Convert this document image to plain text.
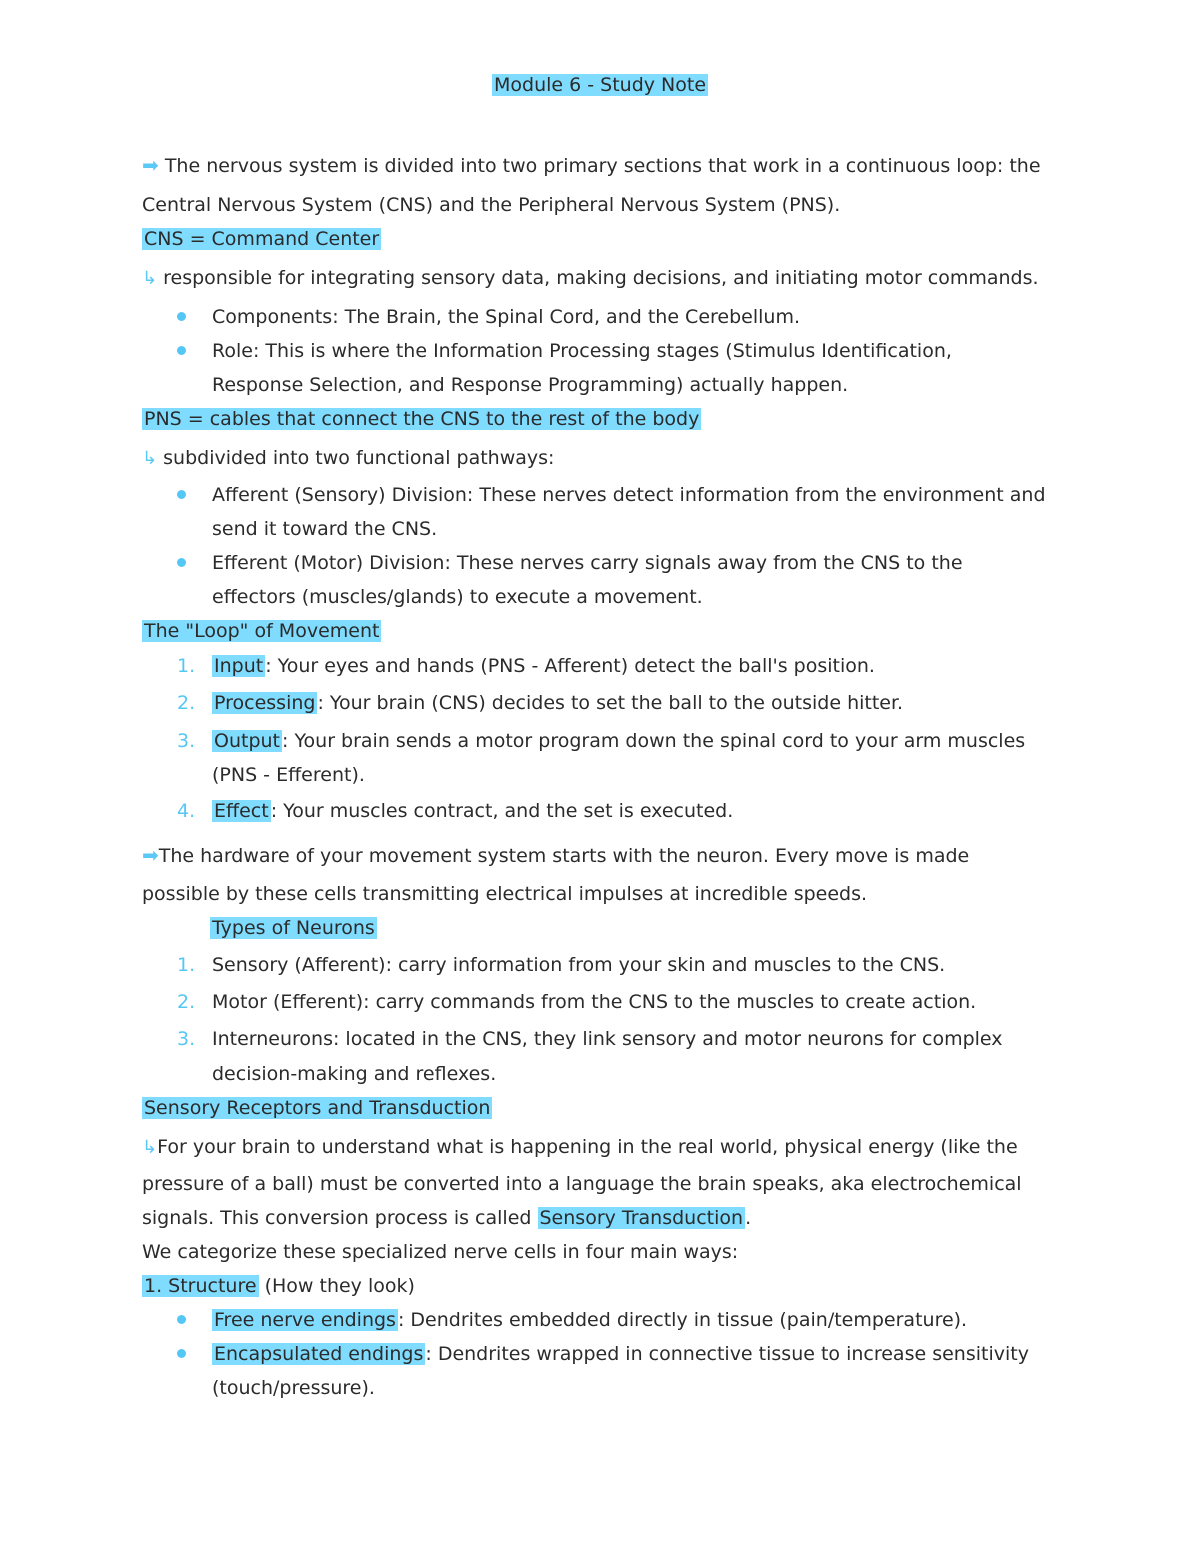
Module 6 - Study Note
➡ The nervous system is divided into two primary sections that work in a continuous loop: the
Central Nervous System (CNS) and the Peripheral Nervous System (PNS).
CNS = Command Center
↳ responsible for integrating sensory data, making decisions, and initiating motor commands.
Components: The Brain, the Spinal Cord, and the Cerebellum.
Role: This is where the Information Processing stages (Stimulus Identification,
Response Selection, and Response Programming) actually happen.
PNS = cables that connect the CNS to the rest of the body
↳ subdivided into two functional pathways:
Afferent (Sensory) Division: These nerves detect information from the environment and
send it toward the CNS.
Efferent (Motor) Division: These nerves carry signals away from the CNS to the
effectors (muscles/glands) to execute a movement.
The "Loop" of Movement
1. Input : Your eyes and hands (PNS - Afferent) detect the ball's position.
2. Processing : Your brain (CNS) decides to set the ball to the outside hitter.
3. Output : Your brain sends a motor program down the spinal cord to your arm muscles
(PNS - Efferent).
4. Effect : Your muscles contract, and the set is executed.
➡The hardware of your movement system starts with the neuron. Every move is made
possible by these cells transmitting electrical impulses at incredible speeds.
Types of Neurons
1. Sensory (Afferent): carry information from your skin and muscles to the CNS.
2. Motor (Efferent): carry commands from the CNS to the muscles to create action.
3. Interneurons: located in the CNS, they link sensory and motor neurons for complex
decision-making and reflexes.
Sensory Receptors and Transduction
↳For your brain to understand what is happening in the real world, physical energy (like the
pressure of a ball) must be converted into a language the brain speaks, aka electrochemical
signals. This conversion process is called Sensory Transduction .
We categorize these specialized nerve cells in four main ways:
1. Structure (How they look)
Free nerve endings : Dendrites embedded directly in tissue (pain/temperature).
Encapsulated endings : Dendrites wrapped in connective tissue to increase sensitivity
(touch/pressure).
